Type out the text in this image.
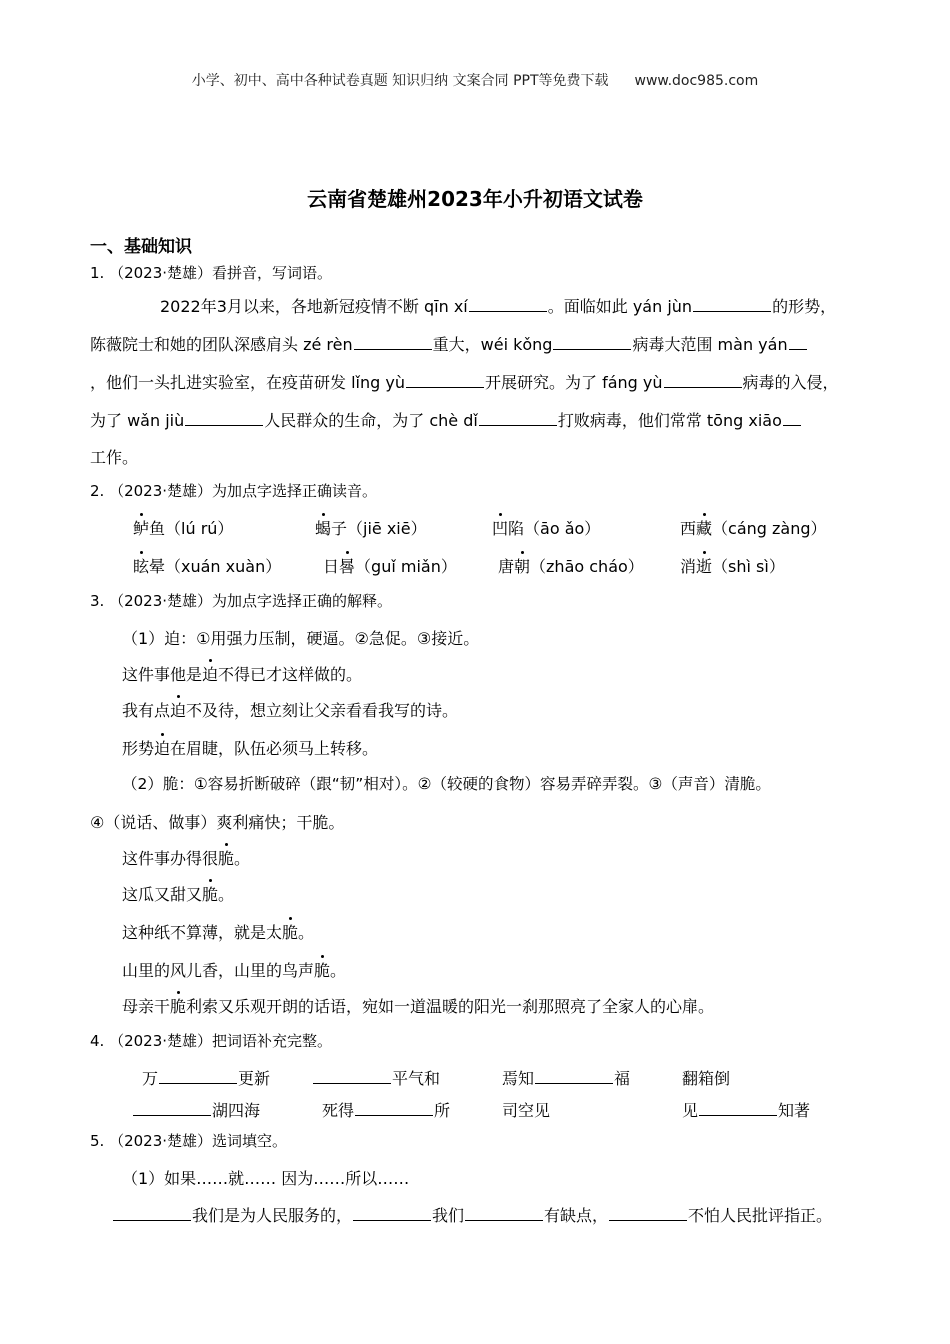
小学、初中、高中各种试卷真题 知识归纳 文案合同 PPT等免费下载 www.doc985.com
云南省楚雄州2023年小升初语文试卷
一、基础知识
1. （2023·楚雄）看拼音，写词语。
2022年3月以来，各地新冠疫情不断 qīn xí	。面临如此 yán jùn	的形势，
陈薇院士和她的团队深感肩头 zé rèn	重大，wéi kǒng	病毒大范围 màn yán
，他们一头扎进实验室，在疫苗研发 lǐng yù	开展研究。为了 fáng yù	病毒的入侵，
为了 wǎn jiù	人民群众的生命，为了 chè dǐ	打败病毒，他们常常 tōng xiāo
工作。
2. （2023·楚雄）为加点字选择正确读音。
鲈鱼（lú rú）	蝎子（jiē xiē）	凹陷（āo ǎo）	西藏（cáng zàng）
眩晕（xuán xuàn）	日晷（guǐ miǎn）	唐朝（zhāo cháo） 消逝（shì sì）
3. （2023·楚雄）为加点字选择正确的解释。
（1）迫：①用强力压制，硬逼。②急促。③接近。
这件事他是迫不得已才这样做的。
我有点迫不及待，想立刻让父亲看看我写的诗。
形势迫在眉睫，队伍必须马上转移。
（2）脆：①容易折断破碎（跟“韧”相对）。②（较硬的食物）容易弄碎弄裂。③（声音）清脆。
④（说话、做事）爽利痛快；干脆。
这件事办得很脆。
这瓜又甜又脆。
这种纸不算薄，就是太脆。
山里的风儿香，山里的鸟声脆。
母亲干脆利索又乐观开朗的话语，宛如一道温暖的阳光一刹那照亮了全家人的心扉。
4. （2023·楚雄）把词语补充完整。
万	更新	平气和	焉知	福	翻箱倒
湖四海	死得	所	司空见	见	知著
5. （2023·楚雄）选词填空。
（1）如果……就…… 因为……所以……
我们是为人民服务的，	我们	有缺点，	不怕人民批评指正。
